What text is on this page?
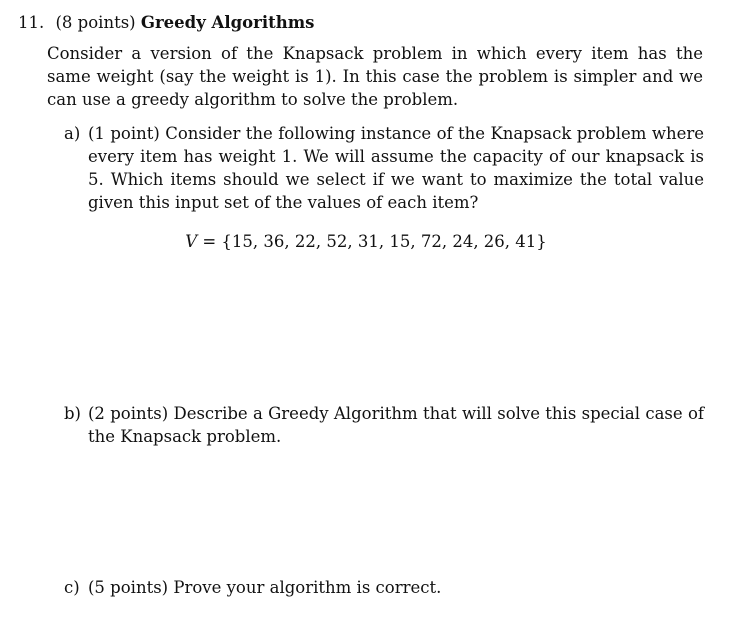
11. (8 points) Greedy Algorithms
Consider a version of the Knapsack problem in which every item has the same weight (say the weight is 1). In this case the problem is simpler and we can use a greedy algorithm to solve the problem.
a) (1 point) Consider the following instance of the Knapsack problem where every item has weight 1. We will assume the capacity of our knapsack is 5. Which items should we select if we want to maximize the total value given this input set of the values of each item?
V = {15, 36, 22, 52, 31, 15, 72, 24, 26, 41}
b) (2 points) Describe a Greedy Algorithm that will solve this special case of the Knapsack problem.
c) (5 points) Prove your algorithm is correct.
